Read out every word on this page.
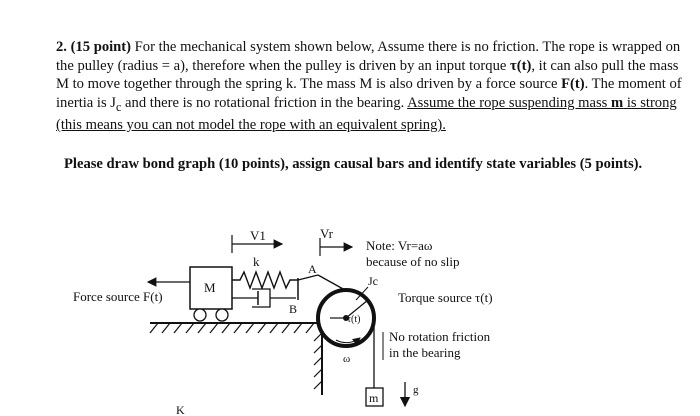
2. (15 point) For the mechanical system shown below, Assume there is no friction. The rope is wrapped on the pulley (radius = a), therefore when the pulley is driven by an input torque τ(t), it can also pull the mass M to move together through the spring k. The mass M is also driven by a force source F(t). The moment of inertia is $J_c$ and there is no rotational friction in the bearing. Assume the rope suspending mass m is strong (this means you can not model the rope with an equivalent spring).
Please draw bond graph (10 points), assign causal bars and identify state variables (5 points).
V1	Vr
M
Force source F(t)
k
B
A
τ(t)
ω
m
g
Note: Vr=aω
because of no slip
Jc
Torque source τ(t)
No rotation friction
in the bearing
K
